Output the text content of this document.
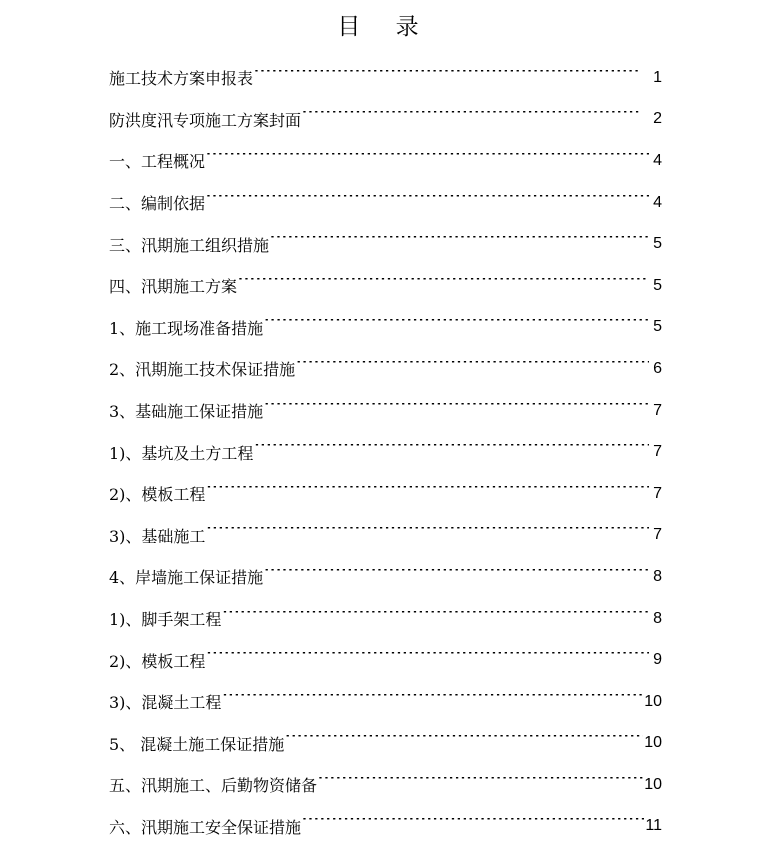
目 录
施工技术方案申报表 ·····	1
防洪度汛专项施工方案封面 ·····	2
一、工程概况 ·····	4
二、编制依据 ·····	4
三、汛期施工组织措施 ·····	5
四、汛期施工方案 ·····	5
1、施工现场准备措施 ·····	5
2、汛期施工技术保证措施 ·····	6
3、基础施工保证措施 ·····	7
1)、基坑及土方工程 ·····	7
2)、模板工程 ·····	7
3)、基础施工 ·····	7
4、岸墙施工保证措施 ·····	8
1)、脚手架工程 ·····	8
2)、模板工程 ·····	9
3)、混凝土工程 ·····	10
5、 混凝土施工保证措施 ·····	10
五、汛期施工、后勤物资储备 ·····	10
六、汛期施工安全保证措施 ·····	11
